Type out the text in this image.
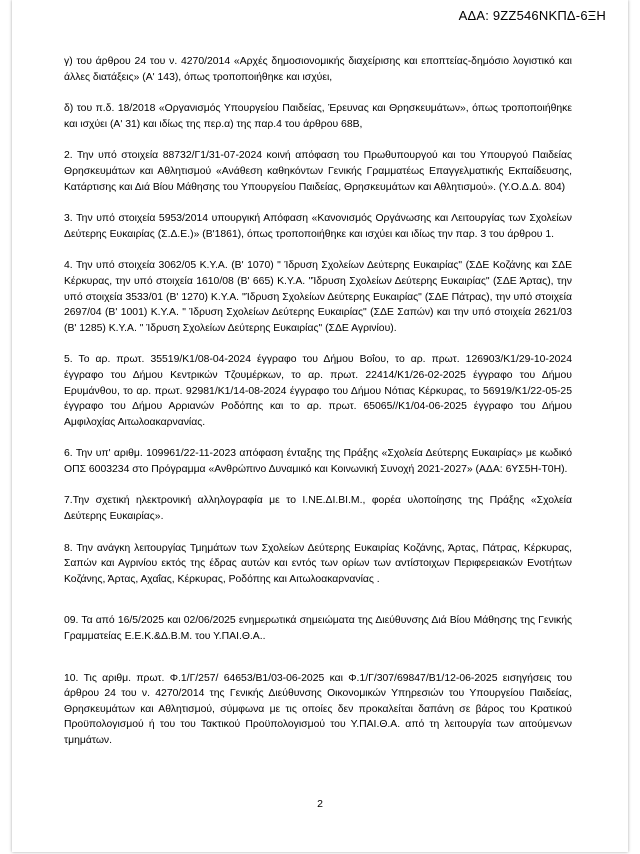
ΑΔΑ: 9ΖΖ546ΝΚΠΔ-6ΞΗ

γ) του άρθρου 24 του ν. 4270/2014 «Αρχές δημοσιονομικής διαχείρισης και εποπτείας-δημόσιο λογιστικό και άλλες διατάξεις» (Α' 143), όπως τροποποιήθηκε και ισχύει,

δ) του π.δ. 18/2018 «Οργανισμός Υπουργείου Παιδείας, Έρευνας και Θρησκευμάτων», όπως τροποποιήθηκε και ισχύει (Α' 31) και ιδίως της περ.α) της παρ.4 του άρθρου 68Β,

2. Την υπό στοιχεία 88732/Γ1/31-07-2024 κοινή απόφαση του Πρωθυπουργού και του Υπουργού Παιδείας Θρησκευμάτων και Αθλητισμού «Ανάθεση καθηκόντων Γενικής Γραμματέως Επαγγελματικής Εκπαίδευσης, Κατάρτισης και Διά Βίου Μάθησης του Υπουργείου Παιδείας, Θρησκευμάτων και Αθλητισμού». (Υ.Ο.Δ.Δ. 804)

3. Την υπό στοιχεία 5953/2014 υπουργική Απόφαση «Κανονισμός Οργάνωσης και Λειτουργίας των Σχολείων Δεύτερης Ευκαιρίας (Σ.Δ.Ε.)» (Β'1861), όπως τροποποιήθηκε και ισχύει και ιδίως την παρ. 3 του άρθρου 1.

4. Την υπό στοιχεία 3062/05 Κ.Υ.Α. (Β' 1070) " Ίδρυση Σχολείων Δεύτερης Ευκαιρίας" (ΣΔΕ Κοζάνης και ΣΔΕ Κέρκυρας, την υπό στοιχεία 1610/08 (Β' 665) Κ.Υ.Α. "Ίδρυση Σχολείων Δεύτερης Ευκαιρίας" (ΣΔΕ Άρτας), την υπό στοιχεία 3533/01 (Β' 1270) Κ.Υ.Α. "Ίδρυση Σχολείων Δεύτερης Ευκαιρίας" (ΣΔΕ Πάτρας), την υπό στοιχεία 2697/04 (Β' 1001) Κ.Υ.Α. " Ίδρυση Σχολείων Δεύτερης Ευκαιρίας" (ΣΔΕ Σαπών) και την υπό στοιχεία 2621/03 (Β' 1285) Κ.Υ.Α. " Ίδρυση Σχολείων Δεύτερης Ευκαιρίας" (ΣΔΕ Αγρινίου).

5. Το αρ. πρωτ. 35519/Κ1/08-04-2024 έγγραφο του Δήμου Βοΐου, το αρ. πρωτ. 126903/Κ1/29-10-2024 έγγραφο του Δήμου Κεντρικών Τζουμέρκων, το αρ. πρωτ. 22414/Κ1/26-02-2025 έγγραφο του Δήμου Ερυμάνθου, το αρ. πρωτ. 92981/Κ1/14-08-2024 έγγραφο του Δήμου Νότιας Κέρκυρας, το 56919/Κ1/22-05-25 έγγραφο του Δήμου Αρριανών Ροδόπης και το αρ. πρωτ. 65065//Κ1/04-06-2025 έγγραφο του Δήμου Αμφιλοχίας Αιτωλοακαρνανίας.

6. Την υπ' αριθμ. 109961/22-11-2023 απόφαση ένταξης της Πράξης «Σχολεία Δεύτερης Ευκαιρίας» με κωδικό ΟΠΣ 6003234 στο Πρόγραμμα «Ανθρώπινο Δυναμικό και Κοινωνική Συνοχή 2021-2027» (ΑΔΑ: 6ΥΣ5Η-Τ0Η).

7.Την σχετική ηλεκτρονική αλληλογραφία με το Ι.ΝΕ.ΔΙ.ΒΙ.Μ., φορέα υλοποίησης της Πράξης «Σχολεία Δεύτερης Ευκαιρίας».

8. Την ανάγκη λειτουργίας Τμημάτων των Σχολείων Δεύτερης Ευκαιρίας Κοζάνης, Άρτας, Πάτρας, Κέρκυρας, Σαπών και Αγρινίου εκτός της έδρας αυτών και εντός των ορίων των αντίστοιχων Περιφερειακών Ενοτήτων Κοζάνης, Άρτας, Αχαΐας, Κέρκυρας, Ροδόπης και Αιτωλοακαρνανίας .

09. Τα από 16/5/2025 και 02/06/2025 ενημερωτικά σημειώματα της Διεύθυνσης Διά Βίου Μάθησης της Γενικής Γραμματείας Ε.Ε.Κ.&Δ.Β.Μ. του Υ.ΠΑΙ.Θ.Α..

10. Τις αριθμ. πρωτ. Φ.1/Γ/257/ 64653/Β1/03-06-2025 και Φ.1/Γ/307/69847/Β1/12-06-2025 εισηγήσεις του άρθρου 24 του ν. 4270/2014 της Γενικής Διεύθυνσης Οικονομικών Υπηρεσιών του Υπουργείου Παιδείας, Θρησκευμάτων και Αθλητισμού, σύμφωνα με τις οποίες δεν προκαλείται δαπάνη σε βάρος του Κρατικού Προϋπολογισμού ή του του Τακτικού Προϋπολογισμού του Υ.ΠΑΙ.Θ.Α. από τη λειτουργία των αιτούμενων τμημάτων.

2
